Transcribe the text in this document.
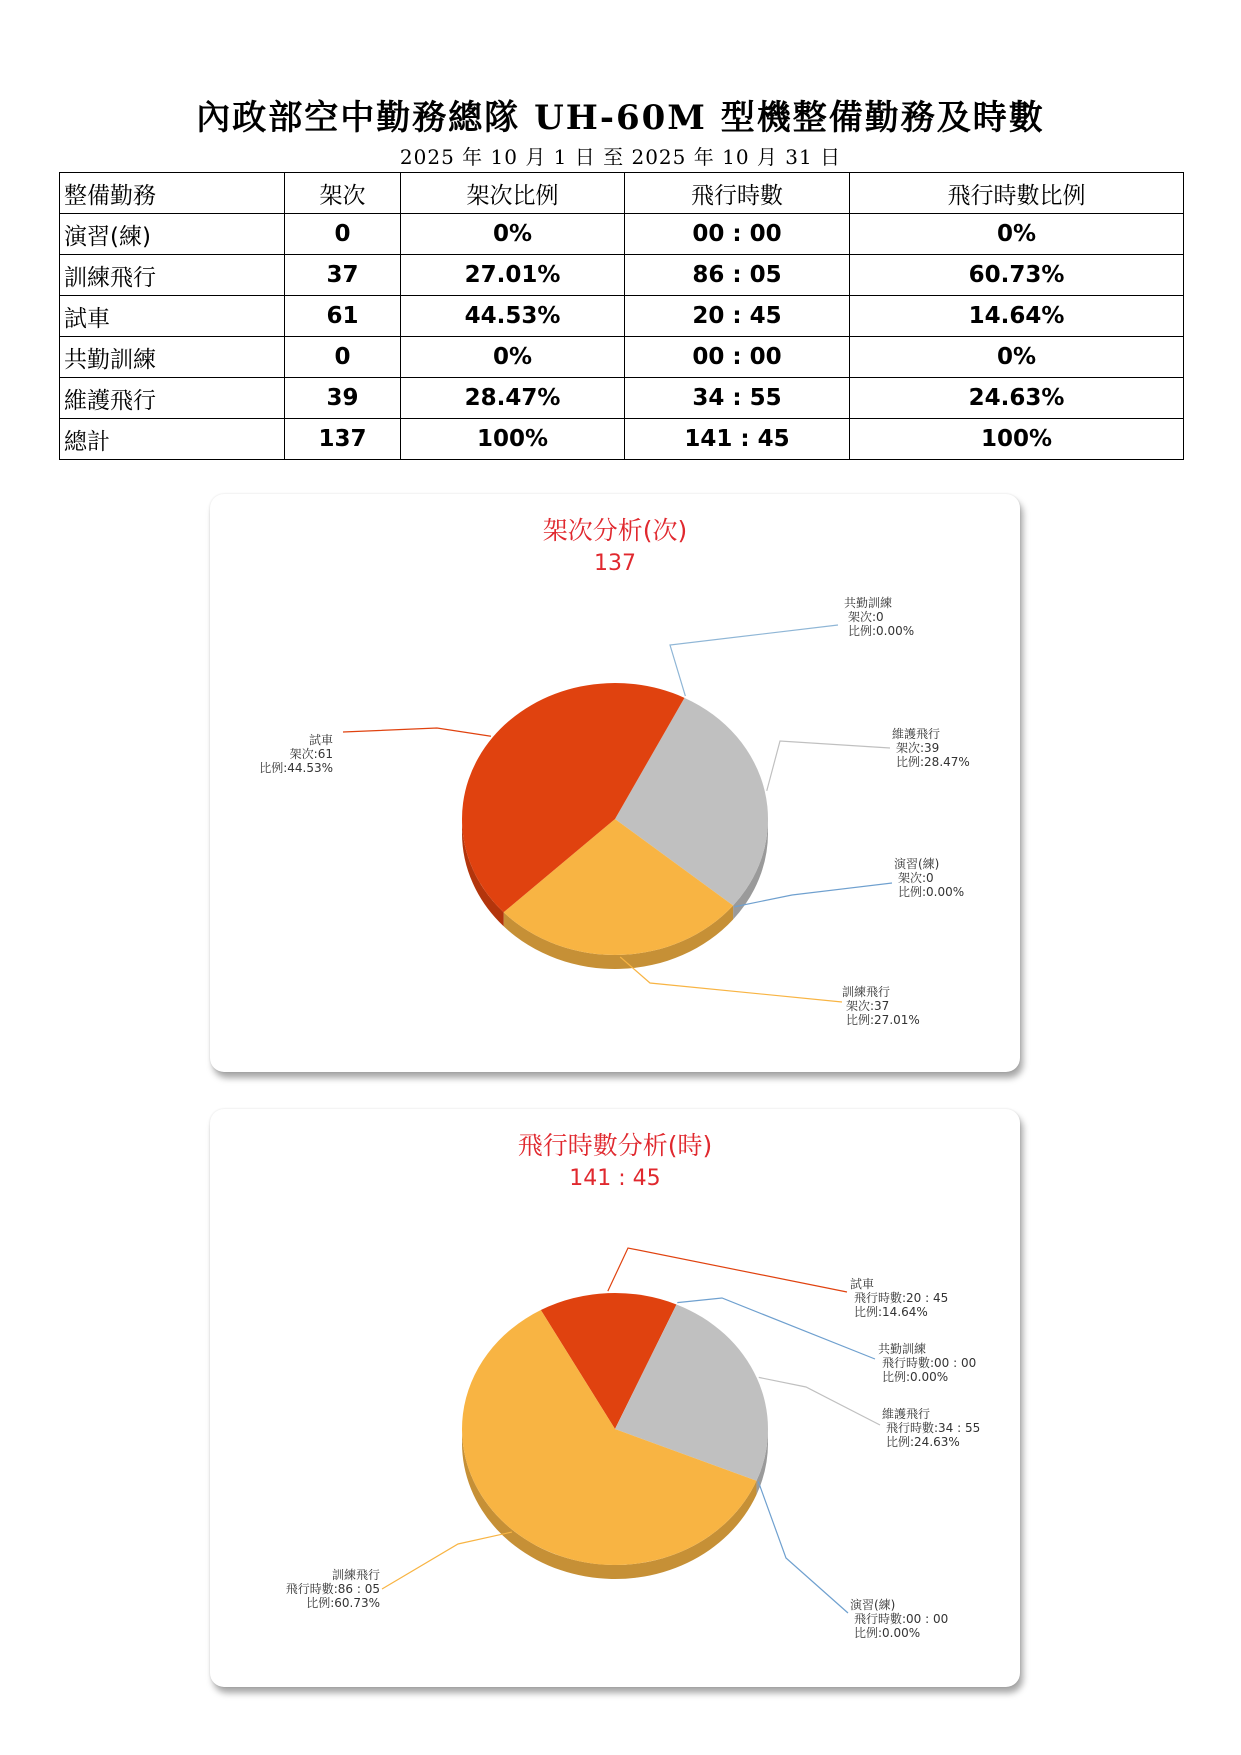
內政部空中勤務總隊 UH-60M 型機整備勤務及時數
2025 年 10 月 1 日 至 2025 年 10 月 31 日
整備勤務	架次	架次比例	飛行時數	飛行時數比例
演習(練)	0	0%	00 : 00	0%
訓練飛行	37	27.01%	86 : 05	60.73%
試車	61	44.53%	20 : 45	14.64%
共勤訓練	0	0%	00 : 00	0%
維護飛行	39	28.47%	34 : 55	24.63%
總計	137	100%	141 : 45	100%
架次分析(次)
137
共勤訓練
架次:0
比例:0.00%
維護飛行
架次:39
比例:28.47%
演習(練)
架次:0
比例:0.00%
訓練飛行
架次:37
比例:27.01%
試車
架次:61
比例:44.53%
飛行時數分析(時)
141 : 45
試車
飛行時數:20 : 45
比例:14.64%
共勤訓練
飛行時數:00 : 00
比例:0.00%
維護飛行
飛行時數:34 : 55
比例:24.63%
演習(練)
飛行時數:00 : 00
比例:0.00%
訓練飛行
飛行時數:86 : 05
比例:60.73%
